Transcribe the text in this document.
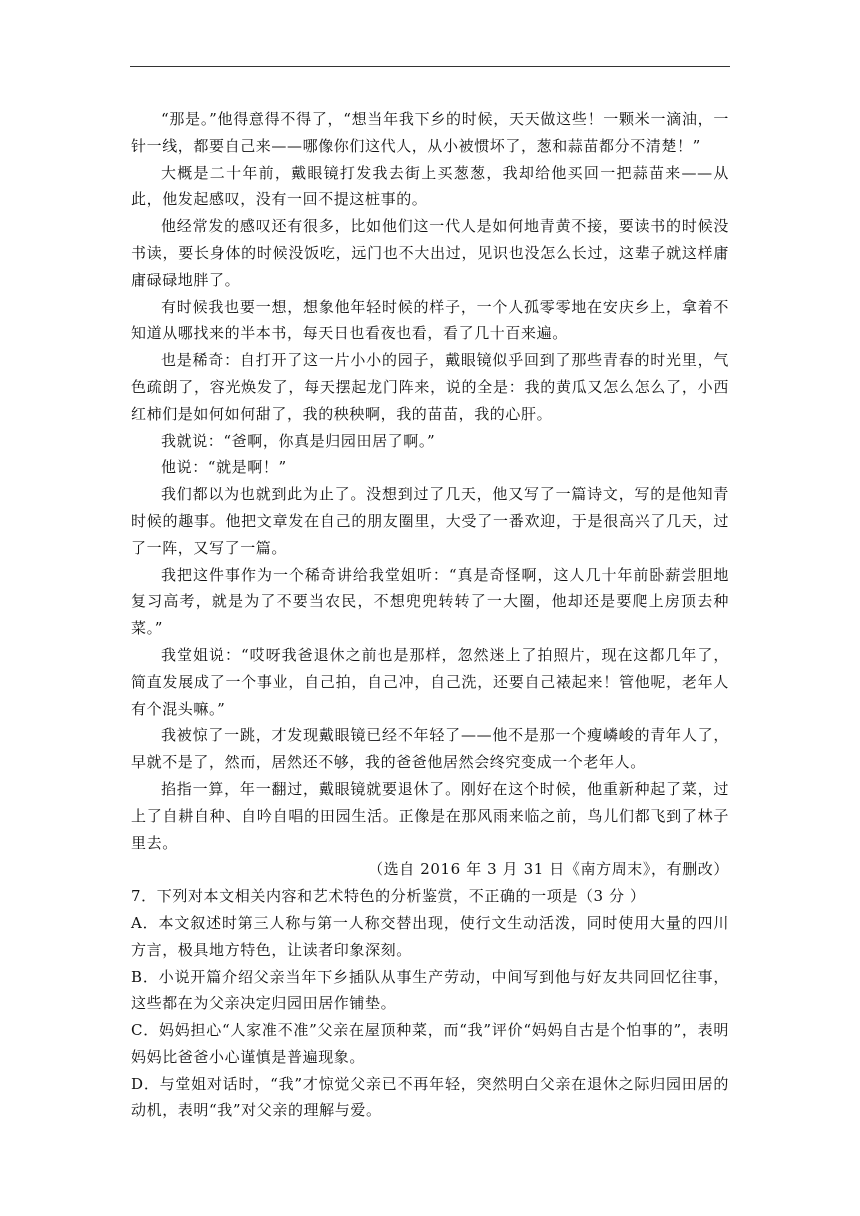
“那是。”他得意得不得了，“想当年我下乡的时候，天天做这些！一颗米一滴油，一针一线，都要自己来——哪像你们这代人，从小被惯坏了，葱和蒜苗都分不清楚！”

大概是二十年前，戴眼镜打发我去街上买葱葱，我却给他买回一把蒜苗来——从此，他发起感叹，没有一回不提这桩事的。

他经常发的感叹还有很多，比如他们这一代人是如何地青黄不接，要读书的时候没书读，要长身体的时候没饭吃，远门也不大出过，见识也没怎么长过，这辈子就这样庸庸碌碌地胖了。

有时候我也要一想，想象他年轻时候的样子，一个人孤零零地在安庆乡上，拿着不知道从哪找来的半本书，每天日也看夜也看，看了几十百来遍。

也是稀奇：自打开了这一片小小的园子，戴眼镜似乎回到了那些青春的时光里，气色疏朗了，容光焕发了，每天摆起龙门阵来，说的全是：我的黄瓜又怎么怎么了，小西红柿们是如何如何甜了，我的秧秧啊，我的苗苗，我的心肝。

我就说：“爸啊，你真是归园田居了啊。”

他说：“就是啊！”

我们都以为也就到此为止了。没想到过了几天，他又写了一篇诗文，写的是他知青时候的趣事。他把文章发在自己的朋友圈里，大受了一番欢迎，于是很高兴了几天，过了一阵，又写了一篇。

我把这件事作为一个稀奇讲给我堂姐听：“真是奇怪啊，这人几十年前卧薪尝胆地复习高考，就是为了不要当农民，不想兜兜转转了一大圈，他却还是要爬上房顶去种菜。”

我堂姐说：“哎呀我爸退休之前也是那样，忽然迷上了拍照片，现在这都几年了，简直发展成了一个事业，自己拍，自己冲，自己洗，还要自己裱起来！管他呢，老年人有个混头嘛。”

我被惊了一跳，才发现戴眼镜已经不年轻了——他不是那一个瘦嶙峻的青年人了，早就不是了，然而，居然还不够，我的爸爸他居然会终究变成一个老年人。

掐指一算，年一翻过，戴眼镜就要退休了。刚好在这个时候，他重新种起了菜，过上了自耕自种、自吟自唱的田园生活。正像是在那风雨来临之前，鸟儿们都飞到了林子里去。

（选自 2016 年 3 月 31 日《南方周末》，有删改）

7．下列对本文相关内容和艺术特色的分析鉴赏，不正确的一项是（3 分 ）

A．本文叙述时第三人称与第一人称交替出现，使行文生动活泼，同时使用大量的四川方言，极具地方特色，让读者印象深刻。

B．小说开篇介绍父亲当年下乡插队从事生产劳动，中间写到他与好友共同回忆往事，这些都在为父亲决定归园田居作铺垫。

C．妈妈担心“人家准不准”父亲在屋顶种菜，而“我”评价“妈妈自古是个怕事的”，表明妈妈比爸爸小心谨慎是普遍现象。

D．与堂姐对话时，“我”才惊觉父亲已不再年轻，突然明白父亲在退休之际归园田居的动机，表明“我”对父亲的理解与爱。
